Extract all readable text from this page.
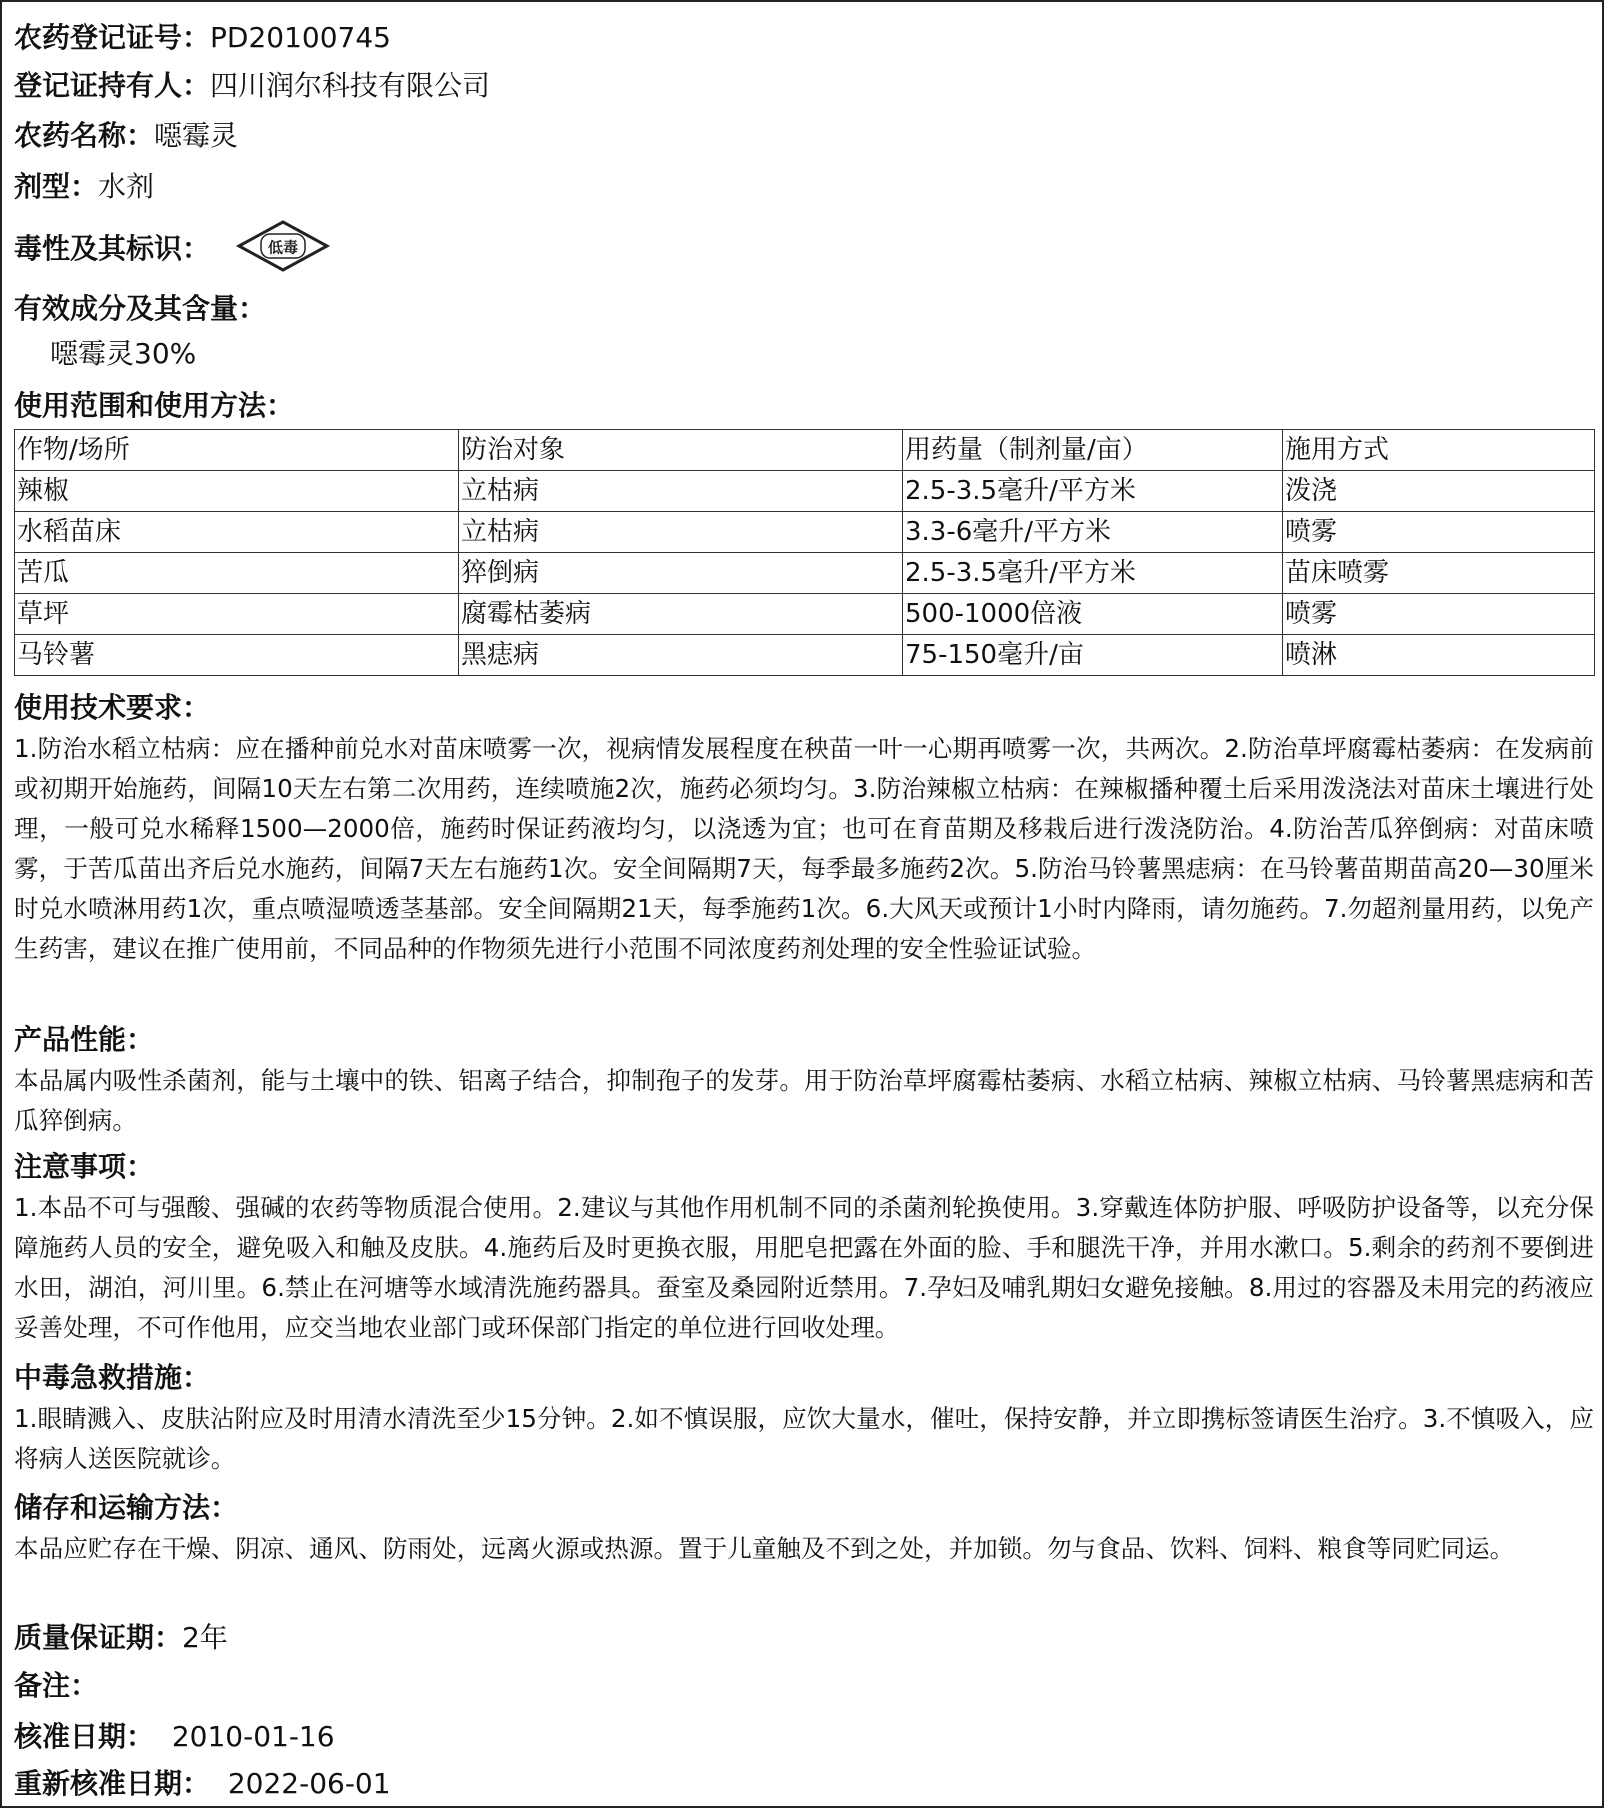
农药登记证号：PD20100745
登记证持有人：四川润尔科技有限公司
农药名称：噁霉灵
剂型：水剂
毒性及其标识：	低毒
有效成分及其含量：
噁霉灵30%
使用范围和使用方法：
作物/场所	防治对象	用药量（制剂量/亩）	施用方式
辣椒	立枯病	2.5-3.5毫升/平方米	泼浇
水稻苗床	立枯病	3.3-6毫升/平方米	喷雾
苦瓜	猝倒病	2.5-3.5毫升/平方米	苗床喷雾
草坪	腐霉枯萎病	500-1000倍液	喷雾
马铃薯	黑痣病	75-150毫升/亩	喷淋
使用技术要求：

1.防治水稻立枯病：应在播种前兑水对苗床喷雾一次，视病情发展程度在秧苗一叶一心期再喷雾一次，共两次。2.防治草坪腐霉枯萎病：在发病前或初期开始施药，间隔10天左右第二次用药，连续喷施2次，施药必须均匀。3.防治辣椒立枯病：在辣椒播种覆土后采用泼浇法对苗床土壤进行处理，一般可兑水稀释1500—2000倍，施药时保证药液均匀，以浇透为宜；也可在育苗期及移栽后进行泼浇防治。4.防治苦瓜猝倒病：对苗床喷雾，于苦瓜苗出齐后兑水施药，间隔7天左右施药1次。安全间隔期7天，每季最多施药2次。5.防治马铃薯黑痣病：在马铃薯苗期苗高20—30厘米时兑水喷淋用药1次，重点喷湿喷透茎基部。安全间隔期21天，每季施药1次。6.大风天或预计1小时内降雨，请勿施药。7.勿超剂量用药，以免产生药害，建议在推广使用前，不同品种的作物须先进行小范围不同浓度药剂处理的安全性验证试验。

产品性能：

本品属内吸性杀菌剂，能与土壤中的铁、铝离子结合，抑制孢子的发芽。用于防治草坪腐霉枯萎病、水稻立枯病、辣椒立枯病、马铃薯黑痣病和苦瓜猝倒病。

注意事项：

1.本品不可与强酸、强碱的农药等物质混合使用。2.建议与其他作用机制不同的杀菌剂轮换使用。3.穿戴连体防护服、呼吸防护设备等，以充分保障施药人员的安全，避免吸入和触及皮肤。4.施药后及时更换衣服，用肥皂把露在外面的脸、手和腿洗干净，并用水漱口。5.剩余的药剂不要倒进水田，湖泊，河川里。6.禁止在河塘等水域清洗施药器具。蚕室及桑园附近禁用。7.孕妇及哺乳期妇女避免接触。8.用过的容器及未用完的药液应妥善处理，不可作他用，应交当地农业部门或环保部门指定的单位进行回收处理。

中毒急救措施：

1.眼睛溅入、皮肤沾附应及时用清水清洗至少15分钟。2.如不慎误服，应饮大量水，催吐，保持安静，并立即携标签请医生治疗。3.不慎吸入，应将病人送医院就诊。

储存和运输方法：

本品应贮存在干燥、阴凉、通风、防雨处，远离火源或热源。置于儿童触及不到之处，并加锁。勿与食品、饮料、饲料、粮食等同贮同运。

质量保证期：2年
备注：
核准日期： 2010-01-16
重新核准日期： 2022-06-01
